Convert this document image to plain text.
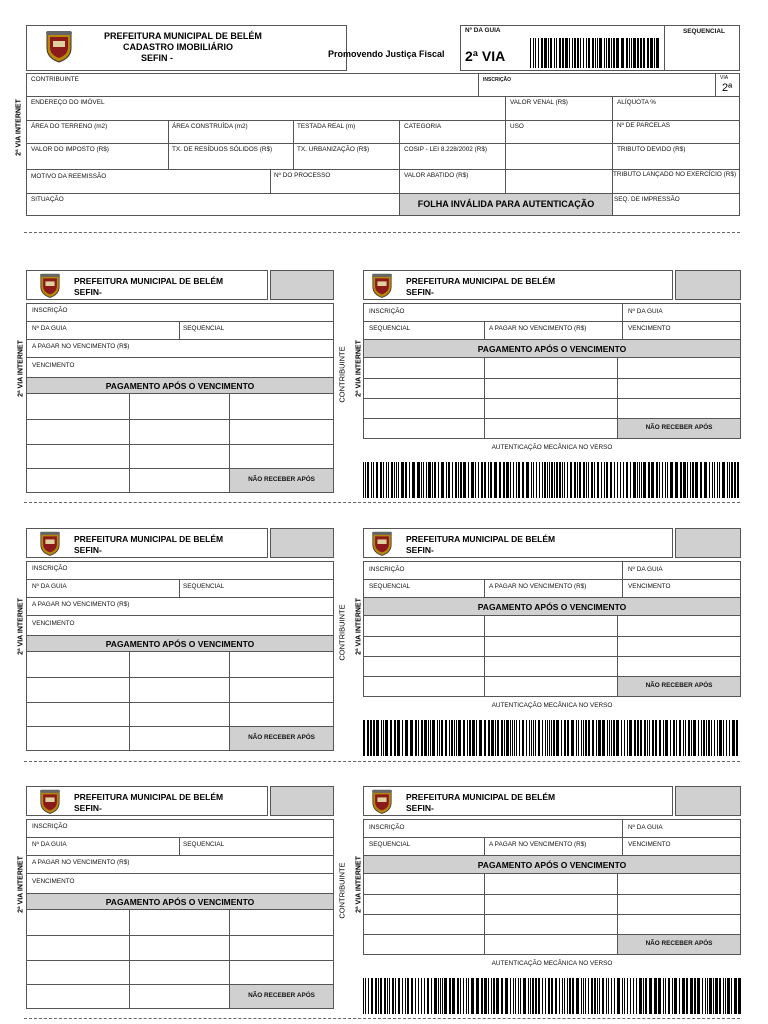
PREFEITURA MUNICIPAL DE BELÉM
CADASTRO IMOBILIÁRIO
SEFIN -	Promovendo Justiça Fiscal
Nº DA GUIA	SEQUENCIAL
2ª VIA
2ª VIA INTERNET
CONTRIBUINTE	INSCRIÇÃO	VIA
2ª
ENDEREÇO DO IMÓVEL	VALOR VENAL (R$)	ALÍQUOTA %
ÁREA DO TERRENO (m2)	ÁREA CONSTRUÍDA (m2)	TESTADA REAL (m)	CATEGORIA	USO	Nº DE PARCELAS
VALOR DO IMPOSTO (R$)	TX. DE RESÍDUOS SÓLIDOS (R$)	TX. URBANIZAÇÃO (R$)	COSIP - LEI 8.228/2002 (R$)	TRIBUTO DEVIDO (R$)
MOTIVO DA REEMISSÃO	Nº DO PROCESSO	VALOR ABATIDO (R$)	TRIBUTO LANÇADO NO EXERCÍCIO (R$)
SITUAÇÃO	FOLHA INVÁLIDA PARA AUTENTICAÇÃO	SEQ. DE IMPRESSÃO
PREFEITURA MUNICIPAL DE BELÉM
SEFIN-
INSCRIÇÃO
Nº DA GUIA	SEQUENCIAL
A PAGAR NO VENCIMENTO (R$)
VENCIMENTO
PAGAMENTO APÓS O VENCIMENTO
NÃO RECEBER APÓS
2ª VIA INTERNET
PREFEITURA MUNICIPAL DE BELÉM
SEFIN-
CONTRIBUINTE 2ª VIA INTERNET
INSCRIÇÃO	Nº DA GUIA
SEQUENCIAL	A PAGAR NO VENCIMENTO (R$)	VENCIMENTO
PAGAMENTO APÓS O VENCIMENTO
NÃO RECEBER APÓS
AUTENTICAÇÃO MECÂNICA NO VERSO
PREFEITURA MUNICIPAL DE BELÉM
SEFIN-
INSCRIÇÃO
Nº DA GUIA	SEQUENCIAL
A PAGAR NO VENCIMENTO (R$)
VENCIMENTO
PAGAMENTO APÓS O VENCIMENTO
NÃO RECEBER APÓS
2ª VIA INTERNET
PREFEITURA MUNICIPAL DE BELÉM
SEFIN-
CONTRIBUINTE 2ª VIA INTERNET
INSCRIÇÃO	Nº DA GUIA
SEQUENCIAL	A PAGAR NO VENCIMENTO (R$)	VENCIMENTO
PAGAMENTO APÓS O VENCIMENTO
NÃO RECEBER APÓS
AUTENTICAÇÃO MECÂNICA NO VERSO
PREFEITURA MUNICIPAL DE BELÉM
SEFIN-
INSCRIÇÃO
Nº DA GUIA	SEQUENCIAL
A PAGAR NO VENCIMENTO (R$)
VENCIMENTO
PAGAMENTO APÓS O VENCIMENTO
NÃO RECEBER APÓS
2ª VIA INTERNET
PREFEITURA MUNICIPAL DE BELÉM
SEFIN-
CONTRIBUINTE 2ª VIA INTERNET
INSCRIÇÃO	Nº DA GUIA
SEQUENCIAL	A PAGAR NO VENCIMENTO (R$)	VENCIMENTO
PAGAMENTO APÓS O VENCIMENTO
NÃO RECEBER APÓS
AUTENTICAÇÃO MECÂNICA NO VERSO
